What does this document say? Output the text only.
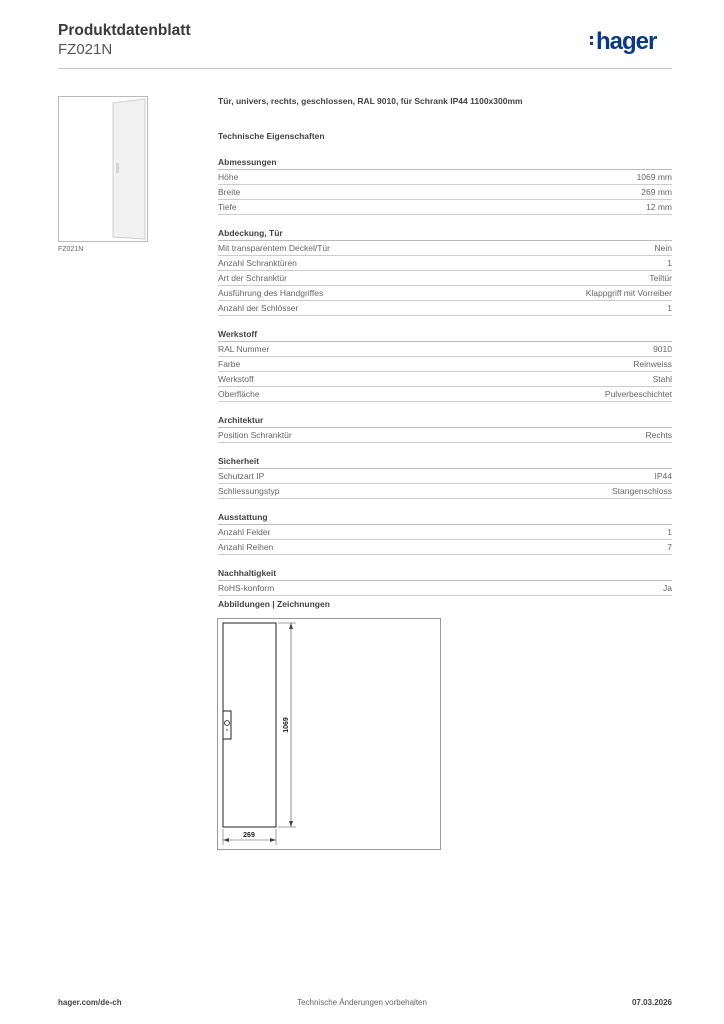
Produktdatenblatt
FZ021N	hager
FZ021N
Tür, univers, rechts, geschlossen, RAL 9010, für Schrank IP44 1100x300mm
Technische Eigenschaften
Abmessungen
Höhe	1069 mm
Breite	269 mm
Tiefe	12 mm
Abdeckung, Tür
Mit transparentem Deckel/Tür	Nein
Anzahl Schranktüren	1
Art der Schranktür	Teiltür
Ausführung des Handgriffes	Klappgriff mit Vorreiber
Anzahl der Schlösser	1
Werkstoff
RAL Nummer	9010
Farbe	Reinweiss
Werkstoff	Stahl
Oberfläche	Pulverbeschichtet
Architektur
Position Schranktür	Rechts
Sicherheit
Schutzart IP	IP44
Schliessungstyp	Stangenschloss
Ausstattung
Anzahl Felder	1
Anzahl Reihen	7
Nachhaltigkeit
RoHS-konform	Ja
Abbildungen | Zeichnungen
1069
269
hager.com/de-ch	Technische Änderungen vorbehalten	07.03.2026
